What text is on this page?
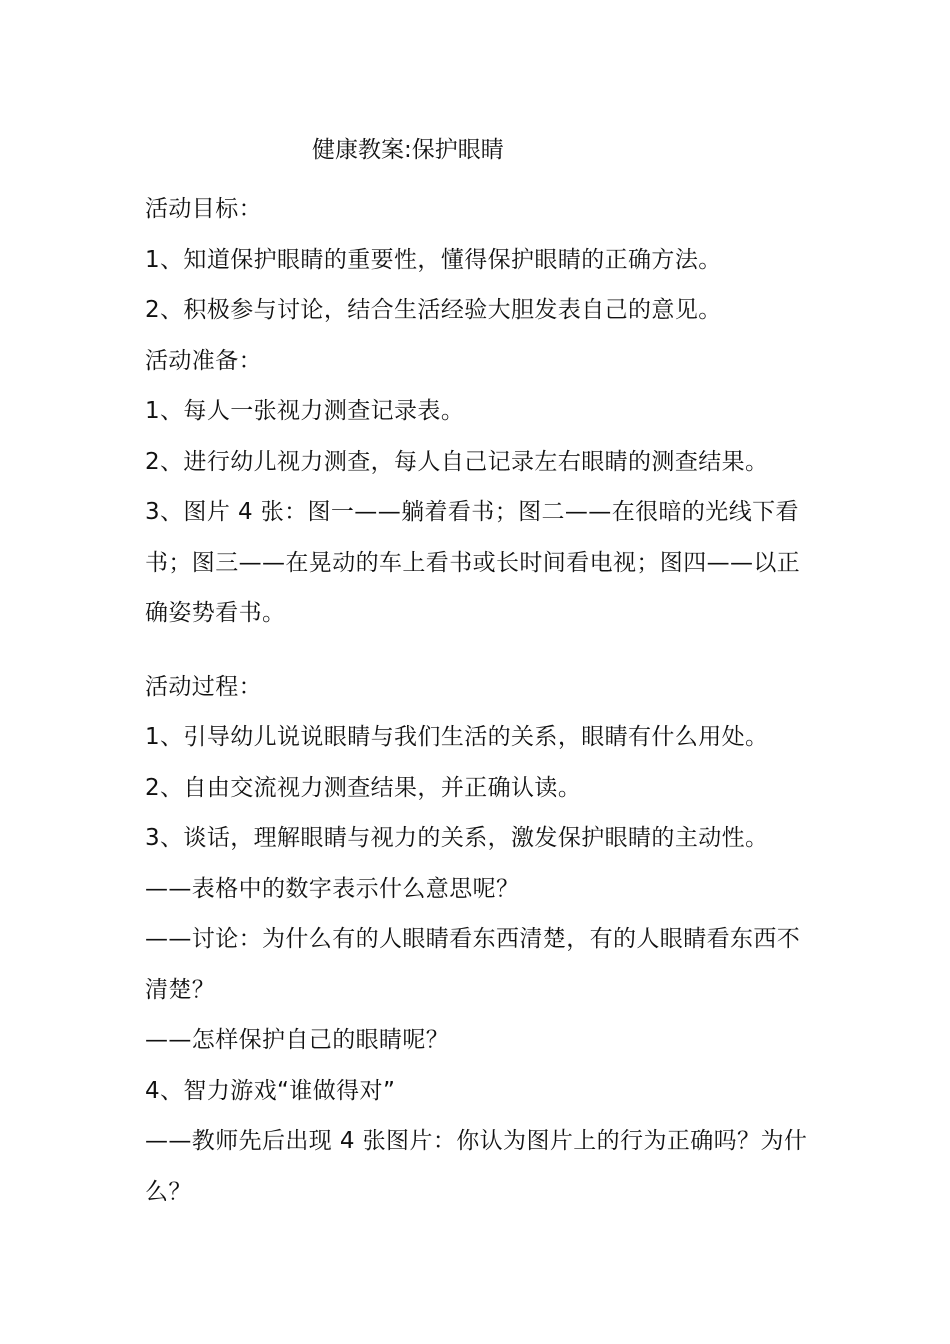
健康教案:保护眼睛

活动目标：

1、知道保护眼睛的重要性，懂得保护眼睛的正确方法。

2、积极参与讨论，结合生活经验大胆发表自己的意见。

活动准备：

1、每人一张视力测查记录表。

2、进行幼儿视力测查，每人自己记录左右眼睛的测查结果。

3、图片 4 张：图一——躺着看书；图二——在很暗的光线下看书；图三——在晃动的车上看书或长时间看电视；图四——以正确姿势看书。

活动过程：

1、引导幼儿说说眼睛与我们生活的关系，眼睛有什么用处。

2、自由交流视力测查结果，并正确认读。

3、谈话，理解眼睛与视力的关系，激发保护眼睛的主动性。

——表格中的数字表示什么意思呢？

——讨论：为什么有的人眼睛看东西清楚，有的人眼睛看东西不清楚？

——怎样保护自己的眼睛呢？

4、智力游戏“谁做得对”

——教师先后出现 4 张图片：你认为图片上的行为正确吗？为什么？
